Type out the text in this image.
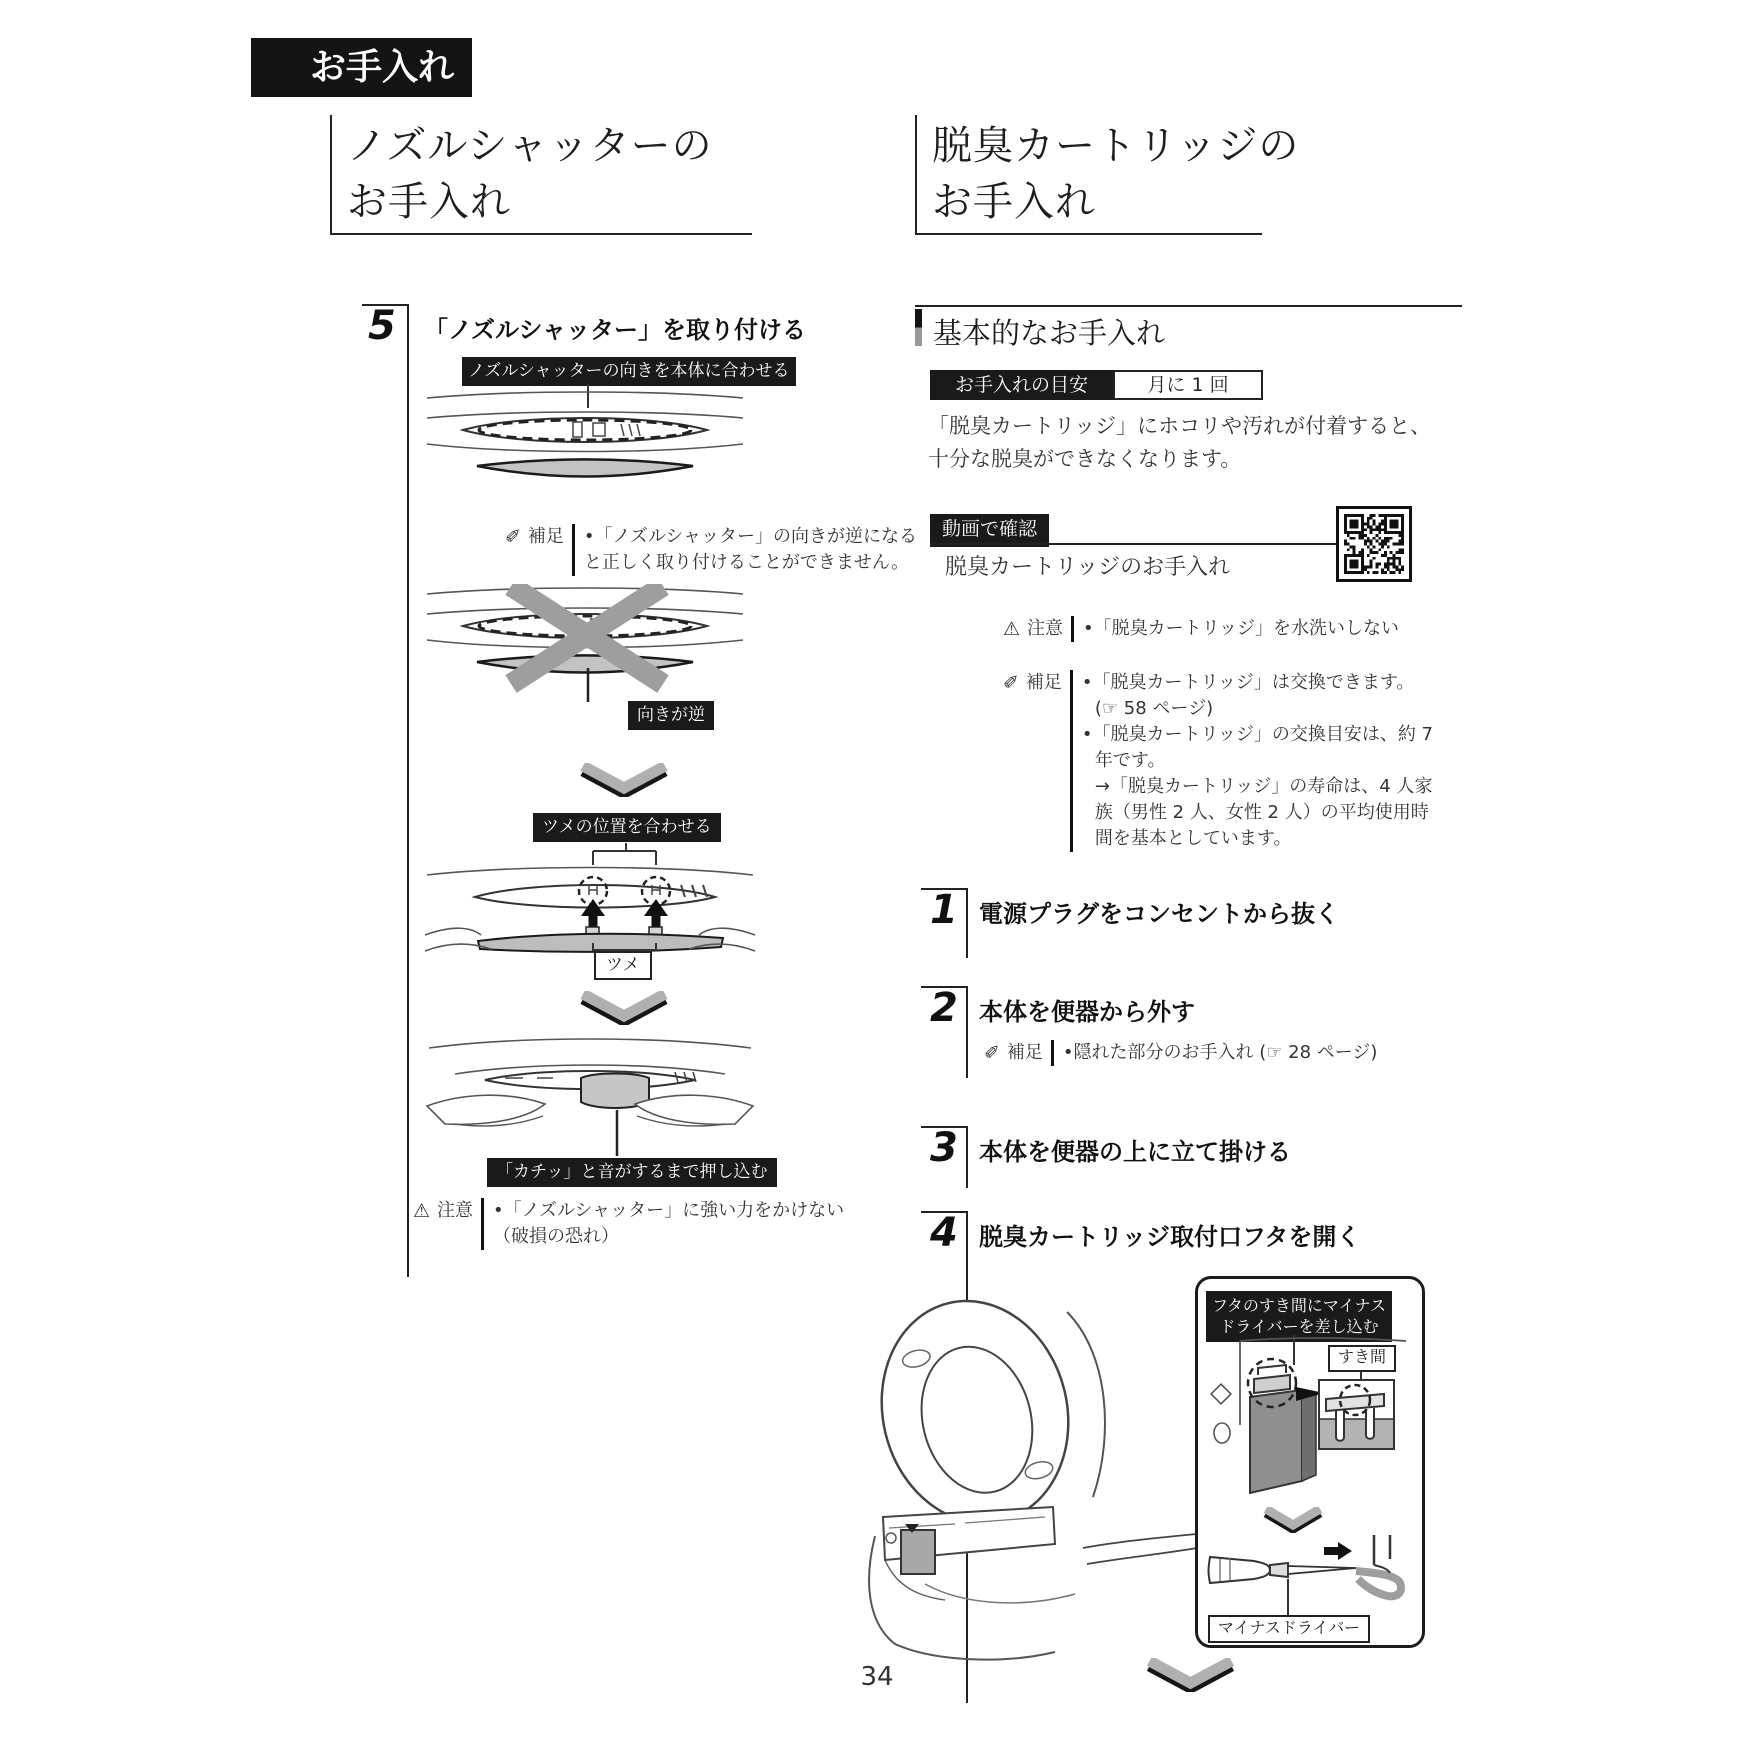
お手入れ
ノズルシャッターの
お手入れ
5 「ノズルシャッター」を取り付ける
ノズルシャッターの向きを本体に合わせる
✐ 補足 •「ノズルシャッター」の向きが逆になる
と正しく取り付けることができません。
向きが逆
ツメの位置を合わせる
ツメ
「カチッ」と音がするまで押し込む
⚠ 注意 •「ノズルシャッター」に強い力をかけない
（破損の恐れ）
脱臭カートリッジの
お手入れ
基本的なお手入れ
お手入れの目安	月に 1 回
「脱臭カートリッジ」にホコリや汚れが付着すると、
十分な脱臭ができなくなります。
動画で確認
脱臭カートリッジのお手入れ
⚠ 注意 •「脱臭カートリッジ」を水洗いしない
✐ 補足 •「脱臭カートリッジ」は交換できます。
(☞ 58 ページ)
•「脱臭カートリッジ」の交換目安は、約 7
年です。
→「脱臭カートリッジ」の寿命は、4 人家
族（男性 2 人、女性 2 人）の平均使用時
間を基本としています。
1 電源プラグをコンセントから抜く
2 本体を便器から外す
✐ 補足 •隠れた部分のお手入れ (☞ 28 ページ)
3 本体を便器の上に立て掛ける
4 脱臭カートリッジ取付口フタを開く
フタのすき間にマイナス
ドライバーを差し込む
すき間
マイナスドライバー
34
